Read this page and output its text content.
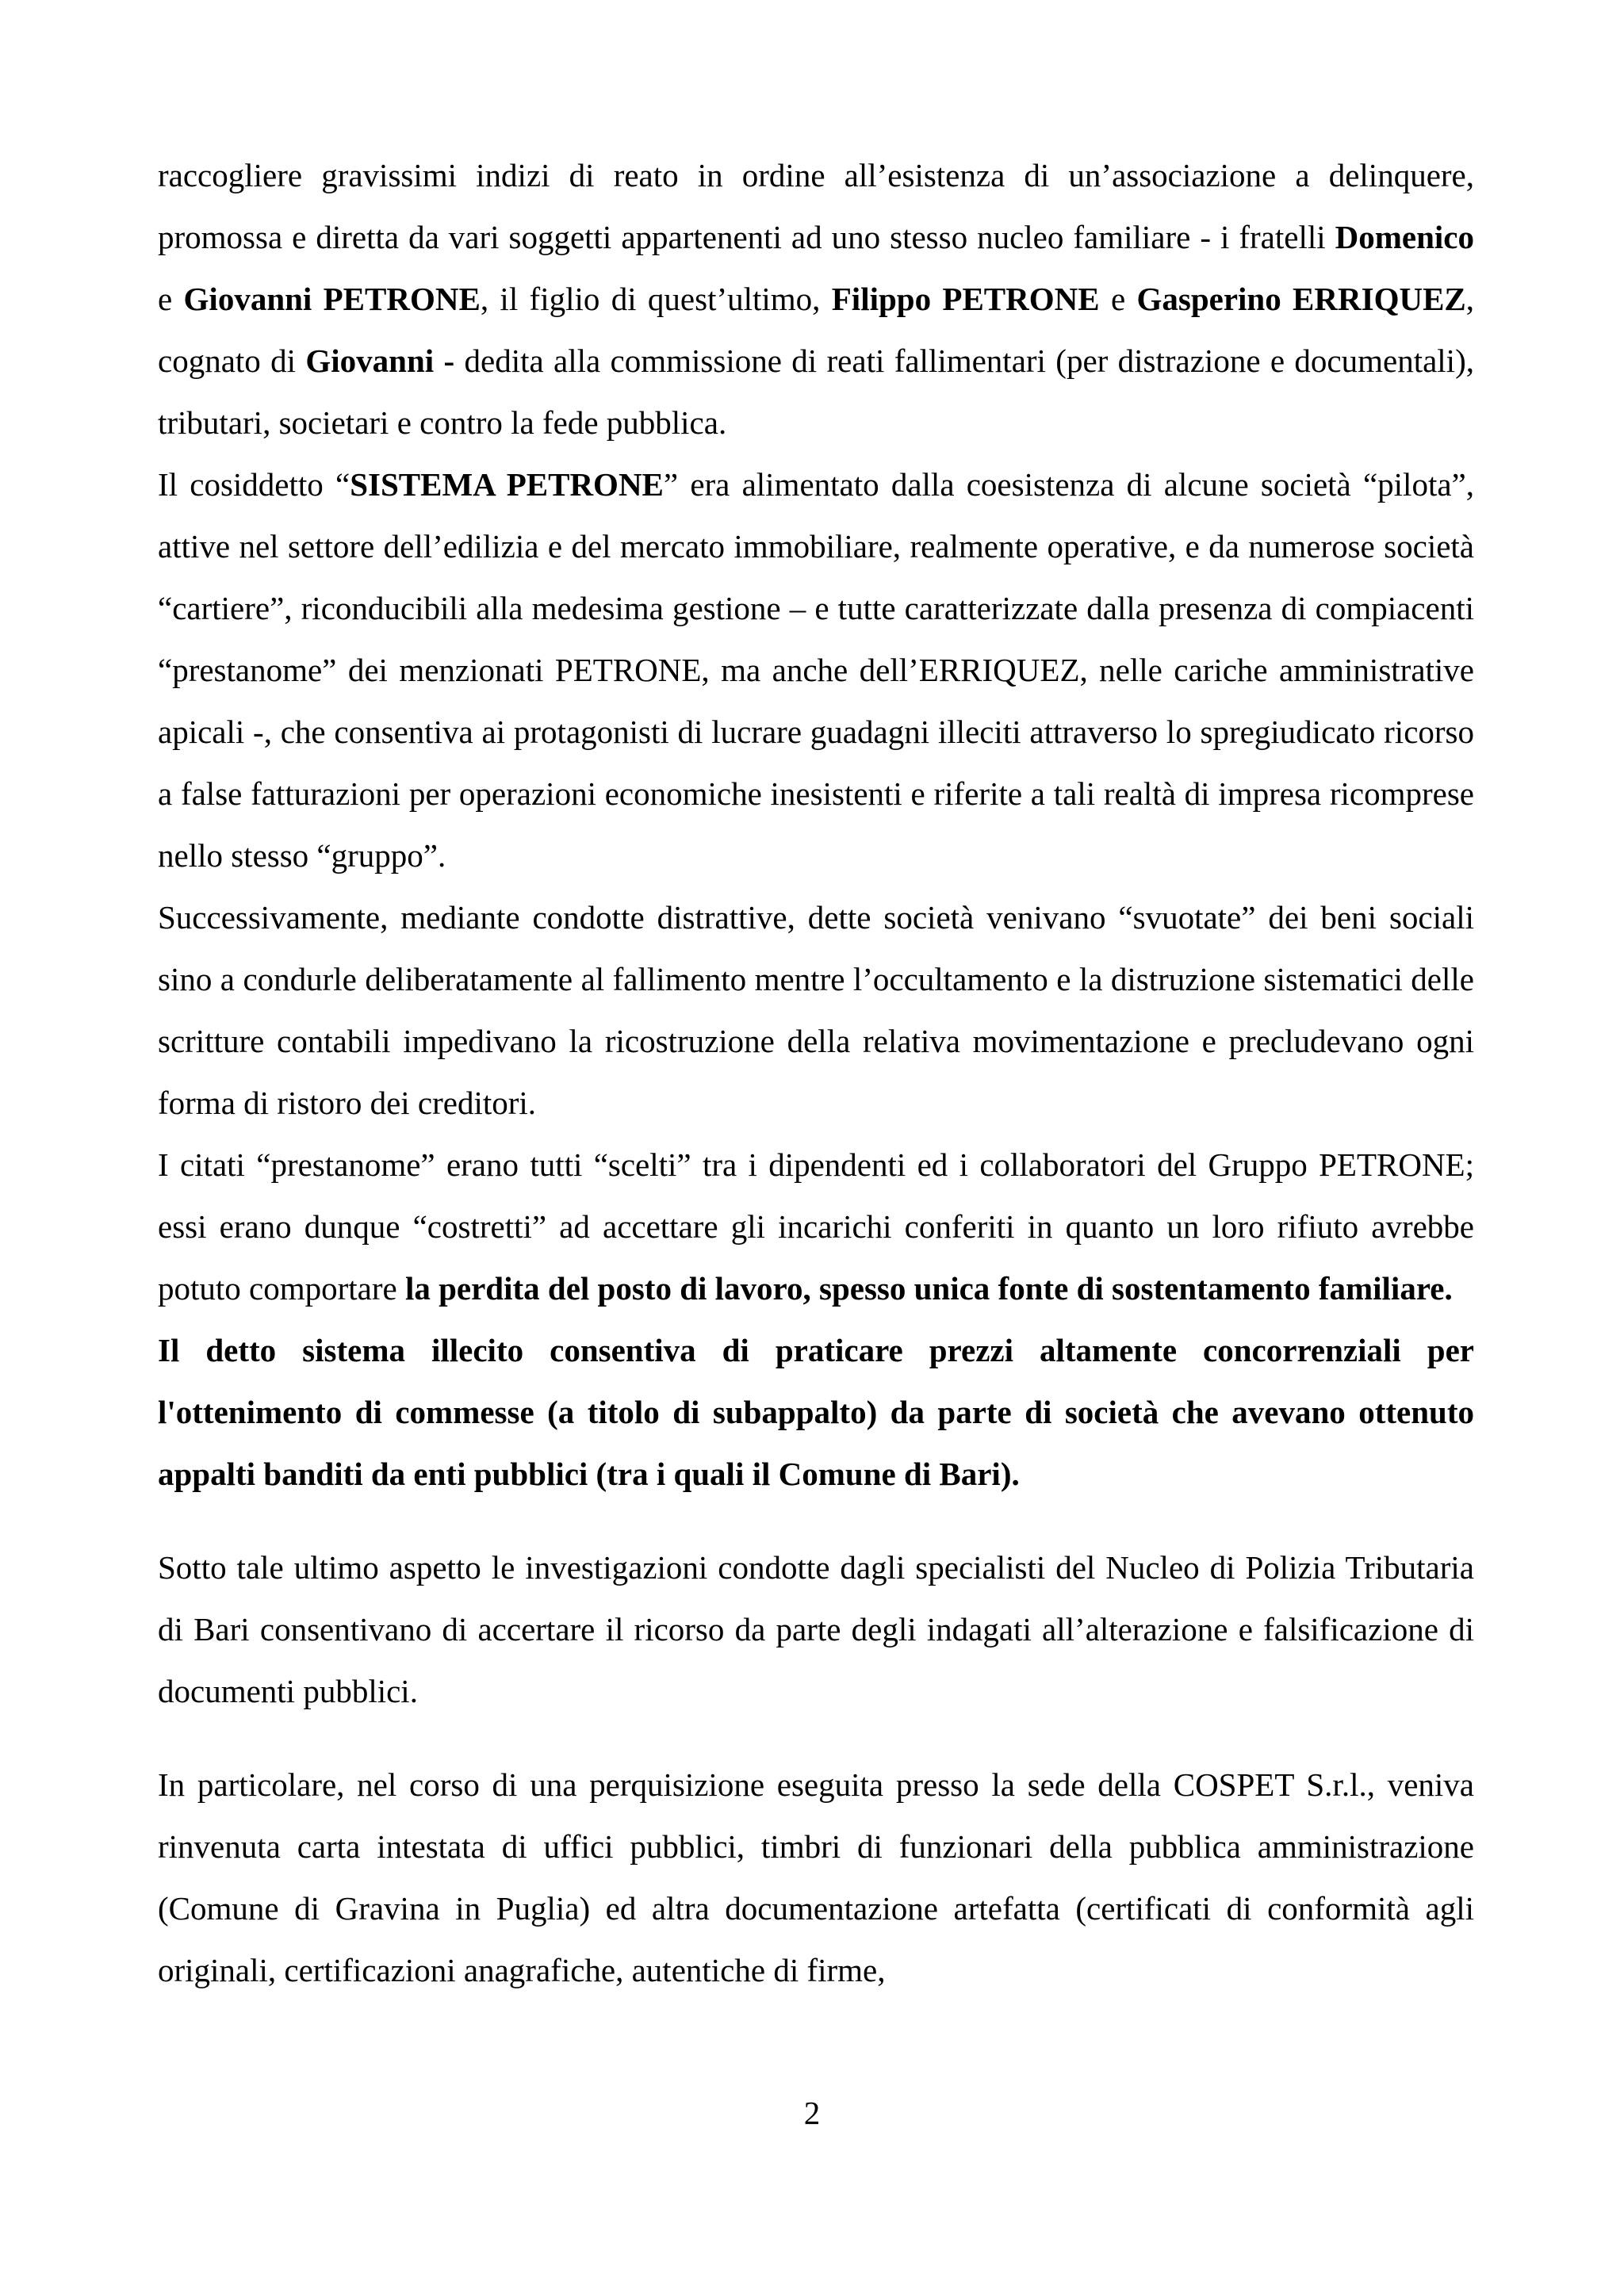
raccogliere gravissimi indizi di reato in ordine all’esistenza di un’associazione a delinquere, promossa e diretta da vari soggetti appartenenti ad uno stesso nucleo familiare - i fratelli Domenico e Giovanni PETRONE, il figlio di quest’ultimo, Filippo PETRONE e Gasperino ERRIQUEZ, cognato di Giovanni - dedita alla commissione di reati fallimentari (per distrazione e documentali), tributari, societari e contro la fede pubblica.

Il cosiddetto “SISTEMA PETRONE” era alimentato dalla coesistenza di alcune società “pilota”, attive nel settore dell’edilizia e del mercato immobiliare, realmente operative, e da numerose società “cartiere”, riconducibili alla medesima gestione – e tutte caratterizzate dalla presenza di compiacenti “prestanome” dei menzionati PETRONE, ma anche dell’ERRIQUEZ, nelle cariche amministrative apicali -, che consentiva ai protagonisti di lucrare guadagni illeciti attraverso lo spregiudicato ricorso a false fatturazioni per operazioni economiche inesistenti e riferite a tali realtà di impresa ricomprese nello stesso “gruppo”.

Successivamente, mediante condotte distrattive, dette società venivano “svuotate” dei beni sociali sino a condurle deliberatamente al fallimento mentre l’occultamento e la distruzione sistematici delle scritture contabili impedivano la ricostruzione della relativa movimentazione e precludevano ogni forma di ristoro dei creditori.

I citati “prestanome” erano tutti “scelti” tra i dipendenti ed i collaboratori del Gruppo PETRONE; essi erano dunque “costretti” ad accettare gli incarichi conferiti in quanto un loro rifiuto avrebbe potuto comportare la perdita del posto di lavoro, spesso unica fonte di sostentamento familiare.

Il detto sistema illecito consentiva di praticare prezzi altamente concorrenziali per l'ottenimento di commesse (a titolo di subappalto) da parte di società che avevano ottenuto appalti banditi da enti pubblici (tra i quali il Comune di Bari).

Sotto tale ultimo aspetto le investigazioni condotte dagli specialisti del Nucleo di Polizia Tributaria di Bari consentivano di accertare il ricorso da parte degli indagati all’alterazione e falsificazione di documenti pubblici.

In particolare, nel corso di una perquisizione eseguita presso la sede della COSPET S.r.l., veniva rinvenuta carta intestata di uffici pubblici, timbri di funzionari della pubblica amministrazione (Comune di Gravina in Puglia) ed altra documentazione artefatta (certificati di conformità agli originali, certificazioni anagrafiche, autentiche di firme,

2
